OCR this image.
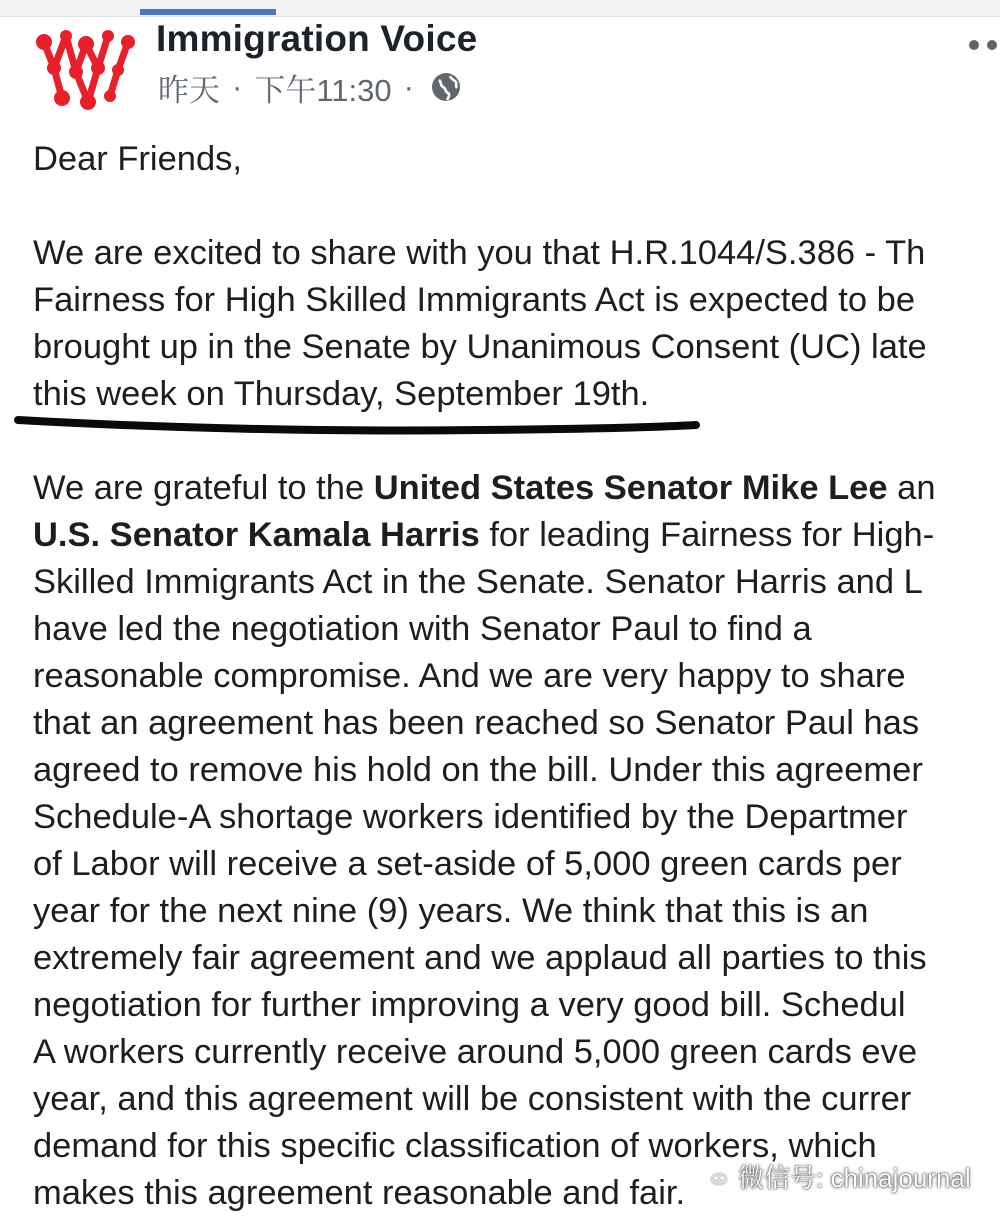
Immigration Voice
昨天 · 下午11:30 ·
Dear Friends,
We are excited to share with you that H.R.1044/S.386 - Th
Fairness for High Skilled Immigrants Act is expected to be
brought up in the Senate by Unanimous Consent (UC) late
this week on Thursday, September 19th.
We are grateful to the United States Senator Mike Lee an
U.S. Senator Kamala Harris for leading Fairness for High-
Skilled Immigrants Act in the Senate. Senator Harris and L
have led the negotiation with Senator Paul to find a
reasonable compromise. And we are very happy to share
that an agreement has been reached so Senator Paul has
agreed to remove his hold on the bill. Under this agreemer
Schedule-A shortage workers identified by the Departmer
of Labor will receive a set-aside of 5,000 green cards per
year for the next nine (9) years. We think that this is an
extremely fair agreement and we applaud all parties to this
negotiation for further improving a very good bill. Schedul
A workers currently receive around 5,000 green cards eve
year, and this agreement will be consistent with the currer
demand for this specific classification of workers, which
makes this agreement reasonable and fair.	微信号: chinajournal
